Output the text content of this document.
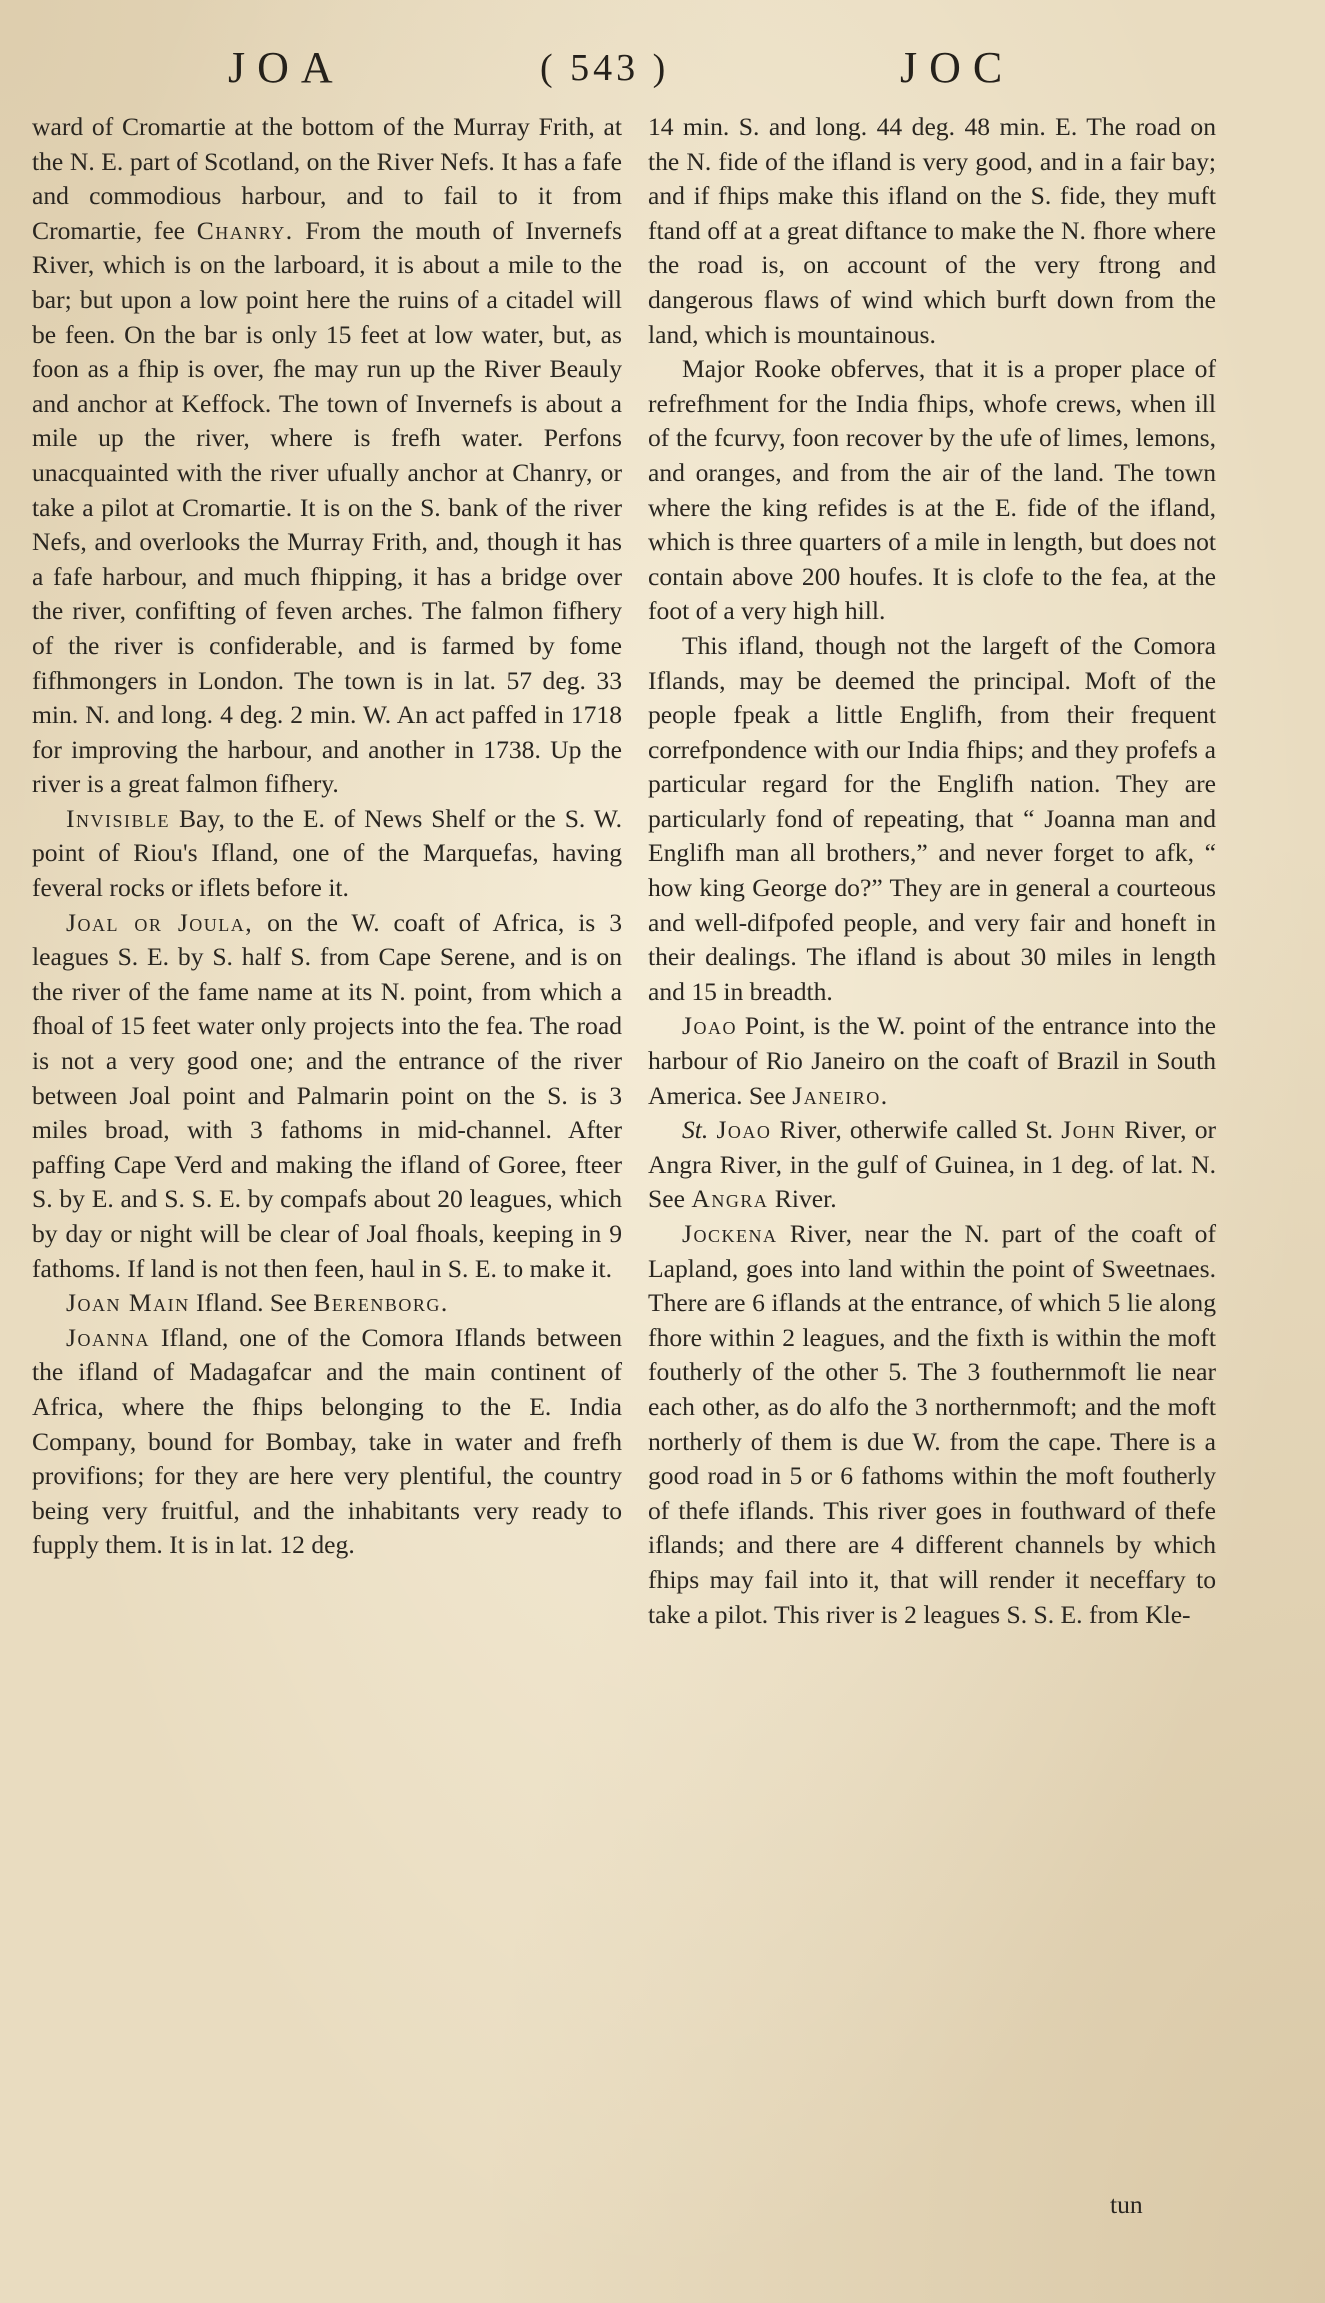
JOA	( 543 )	JOC

ward of Cromartie at the bottom of the Murray Frith, at the N. E. part of Scotland, on the River Nefs. It has a fafe and commodious harbour, and to fail to it from Cromartie, fee Chanry. From the mouth of Invernefs River, which is on the larboard, it is about a mile to the bar; but upon a low point here the ruins of a citadel will be feen. On the bar is only 15 feet at low water, but, as foon as a fhip is over, fhe may run up the River Beauly and anchor at Keffock. The town of Invernefs is about a mile up the river, where is frefh water. Perfons unacquainted with the river ufually anchor at Chanry, or take a pilot at Cromartie. It is on the S. bank of the river Nefs, and overlooks the Murray Frith, and, though it has a fafe harbour, and much fhipping, it has a bridge over the river, confifting of feven arches. The falmon fifhery of the river is confiderable, and is farmed by fome fifhmongers in London. The town is in lat. 57 deg. 33 min. N. and long. 4 deg. 2 min. W. An act paffed in 1718 for improving the harbour, and another in 1738. Up the river is a great falmon fifhery.

Invisible Bay, to the E. of News Shelf or the S. W. point of Riou's Ifland, one of the Marquefas, having feveral rocks or iflets before it.

Joal or Joula, on the W. coaft of Africa, is 3 leagues S. E. by S. half S. from Cape Serene, and is on the river of the fame name at its N. point, from which a fhoal of 15 feet water only projects into the fea. The road is not a very good one; and the entrance of the river between Joal point and Palmarin point on the S. is 3 miles broad, with 3 fathoms in mid-channel. After paffing Cape Verd and making the ifland of Goree, fteer S. by E. and S. S. E. by compafs about 20 leagues, which by day or night will be clear of Joal fhoals, keeping in 9 fathoms. If land is not then feen, haul in S. E. to make it.

Joan Main Ifland. See Berenborg.

Joanna Ifland, one of the Comora Iflands between the ifland of Madagafcar and the main continent of Africa, where the fhips belonging to the E. India Company, bound for Bombay, take in water and frefh provifions; for they are here very plentiful, the country being very fruitful, and the inhabitants very ready to fupply them. It is in lat. 12 deg.

14 min. S. and long. 44 deg. 48 min. E. The road on the N. fide of the ifland is very good, and in a fair bay; and if fhips make this ifland on the S. fide, they muft ftand off at a great diftance to make the N. fhore where the road is, on account of the very ftrong and dangerous flaws of wind which burft down from the land, which is mountainous.

Major Rooke obferves, that it is a proper place of refrefhment for the India fhips, whofe crews, when ill of the fcurvy, foon recover by the ufe of limes, lemons, and oranges, and from the air of the land. The town where the king refides is at the E. fide of the ifland, which is three quarters of a mile in length, but does not contain above 200 houfes. It is clofe to the fea, at the foot of a very high hill.

This ifland, though not the largeft of the Comora Iflands, may be deemed the principal. Moft of the people fpeak a little Englifh, from their frequent correfpondence with our India fhips; and they profefs a particular regard for the Englifh nation. They are particularly fond of repeating, that “ Joanna man and Englifh man all brothers,” and never forget to afk, “ how king George do?” They are in general a courteous and well-difpofed people, and very fair and honeft in their dealings. The ifland is about 30 miles in length and 15 in breadth.

Joao Point, is the W. point of the entrance into the harbour of Rio Janeiro on the coaft of Brazil in South America. See Janeiro.

St. Joao River, otherwife called St. John River, or Angra River, in the gulf of Guinea, in 1 deg. of lat. N. See Angra River.

Jockena River, near the N. part of the coaft of Lapland, goes into land within the point of Sweetnaes. There are 6 iflands at the entrance, of which 5 lie along fhore within 2 leagues, and the fixth is within the moft foutherly of the other 5. The 3 fouthernmoft lie near each other, as do alfo the 3 northernmoft; and the moft northerly of them is due W. from the cape. There is a good road in 5 or 6 fathoms within the moft foutherly of thefe iflands. This river goes in fouthward of thefe iflands; and there are 4 different channels by which fhips may fail into it, that will render it neceffary to take a pilot. This river is 2 leagues S. S. E. from Kle-

tun
